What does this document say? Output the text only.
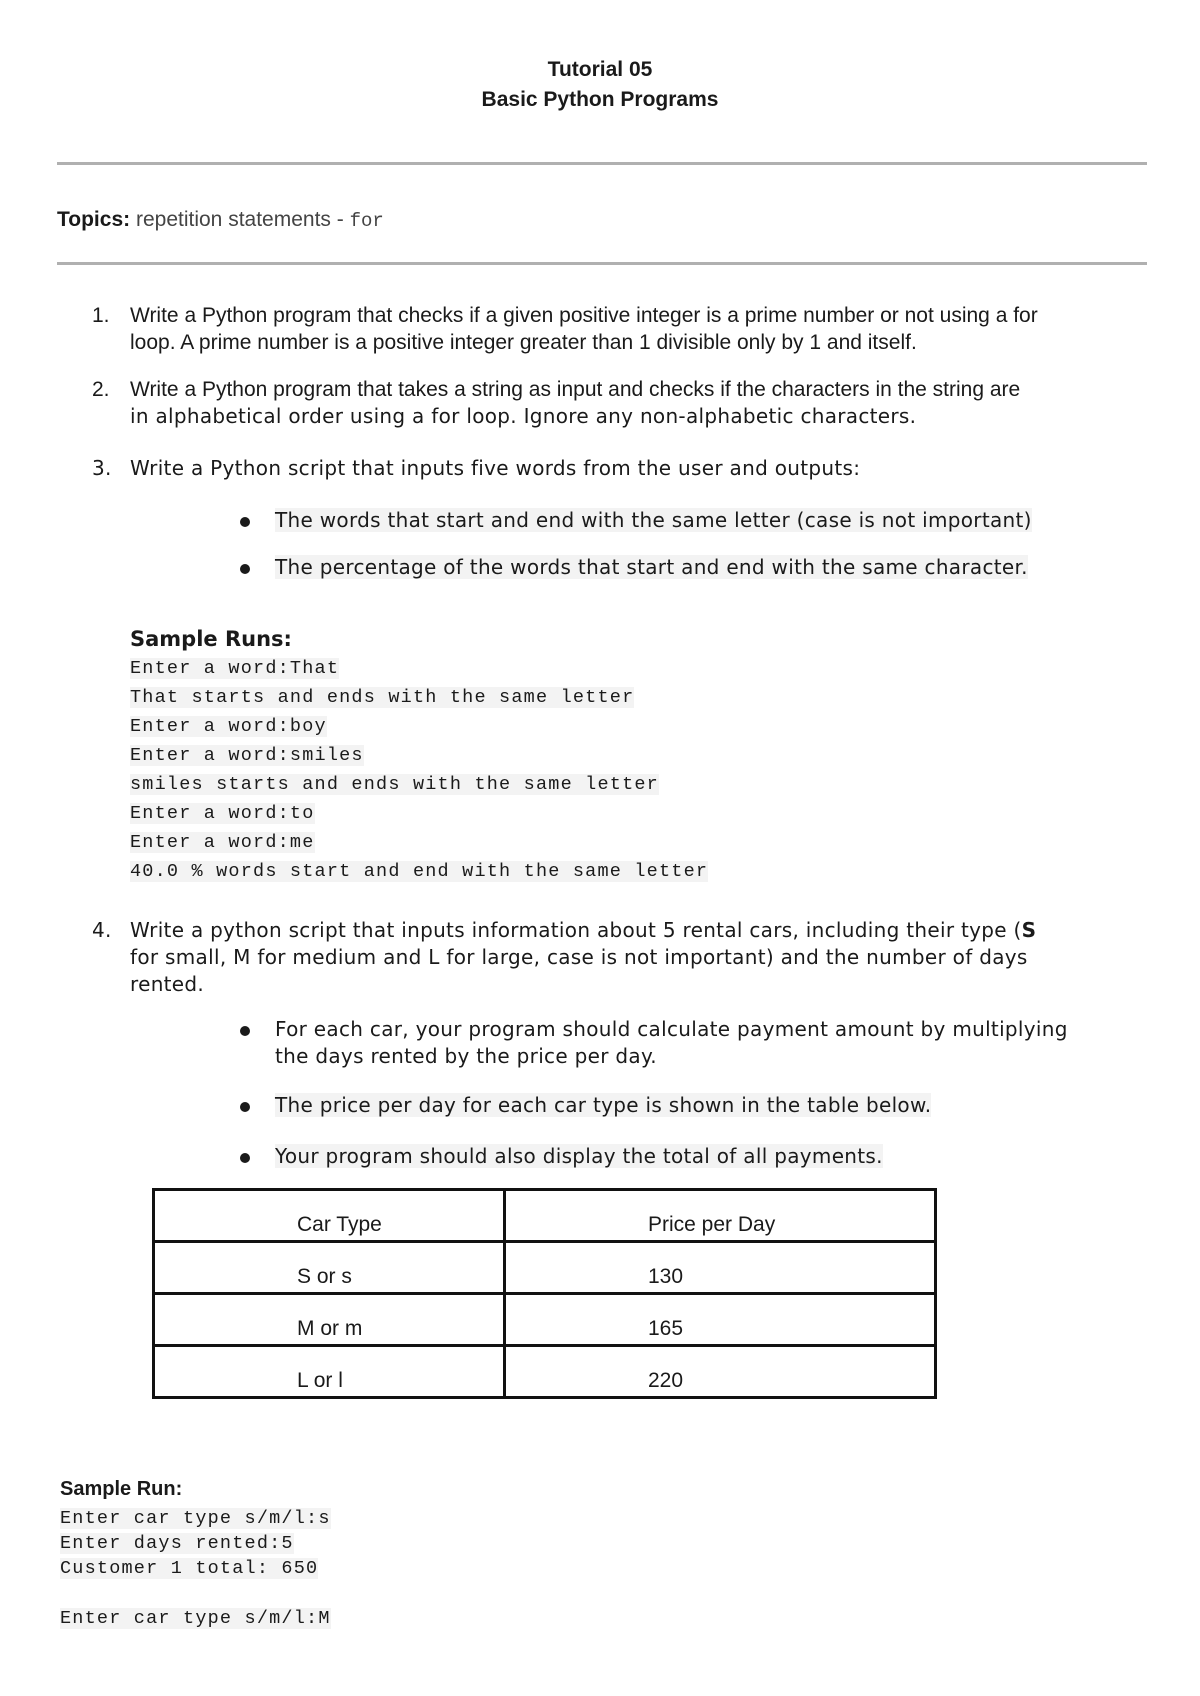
Tutorial 05
Basic Python Programs
Topics: repetition statements - for
1. Write a Python program that checks if a given positive integer is a prime number or not using a for
loop. A prime number is a positive integer greater than 1 divisible only by 1 and itself.
2. Write a Python program that takes a string as input and checks if the characters in the string are
in alphabetical order using a for loop. Ignore any non-alphabetic characters.
3. Write a Python script that inputs five words from the user and outputs:
The words that start and end with the same letter (case is not important)
The percentage of the words that start and end with the same character.
Sample Runs:
Enter a word:That
That starts and ends with the same letter
Enter a word:boy
Enter a word:smiles
smiles starts and ends with the same letter
Enter a word:to
Enter a word:me
40.0 % words start and end with the same letter
4. Write a python script that inputs information about 5 rental cars, including their type (S
for small, M for medium and L for large, case is not important) and the number of days
rented.
For each car, your program should calculate payment amount by multiplying
the days rented by the price per day.
The price per day for each car type is shown in the table below.
Your program should also display the total of all payments.
Car Type	Price per Day
S or s	130
M or m	165
L or l	220
Sample Run:
Enter car type s/m/l:s
Enter days rented:5
Customer 1 total: 650
Enter car type s/m/l:M
